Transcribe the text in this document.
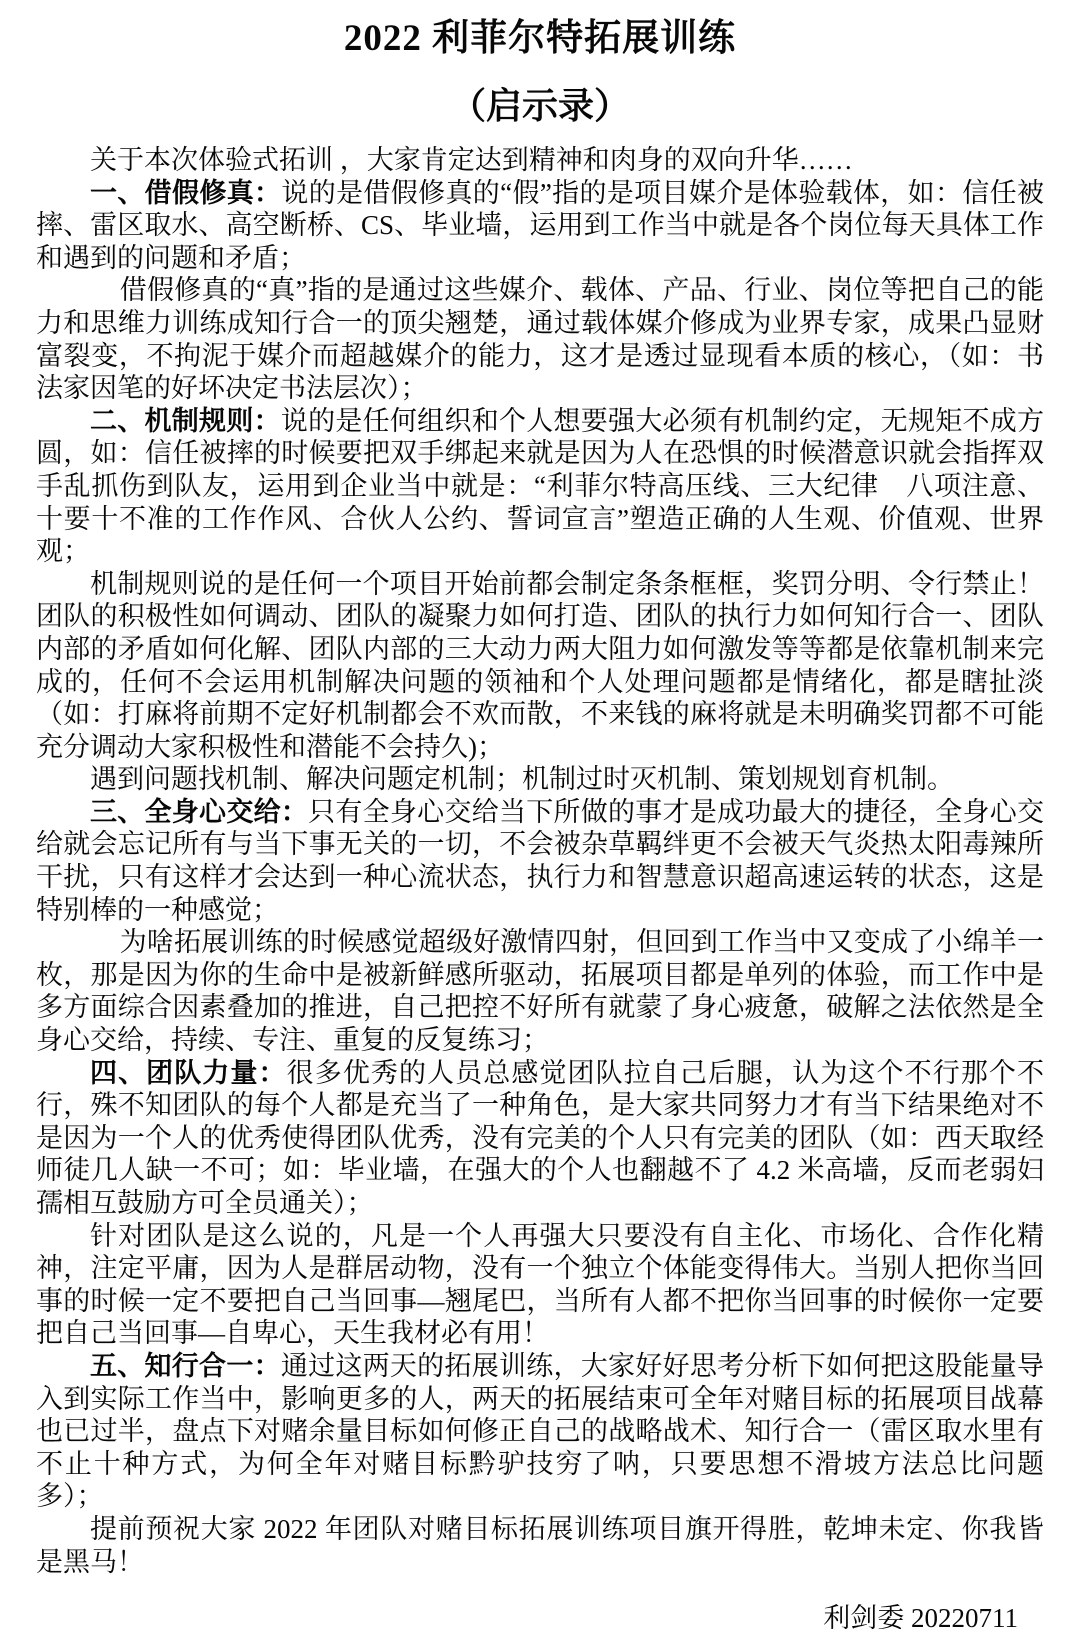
2022 利菲尔特拓展训练
（启示录）

关于本次体验式拓训 ，大家肯定达到精神和肉身的双向升华……

一、借假修真：说的是借假修真的“假”指的是项目媒介是体验载体，如：信任被摔、雷区取水、高空断桥、CS、毕业墙，运用到工作当中就是各个岗位每天具体工作和遇到的问题和矛盾；

借假修真的“真”指的是通过这些媒介、载体、产品、行业、岗位等把自己的能力和思维力训练成知行合一的顶尖翘楚，通过载体媒介修成为业界专家，成果凸显财富裂变，不拘泥于媒介而超越媒介的能力，这才是透过显现看本质的核心，（如：书法家因笔的好坏决定书法层次）；

二、机制规则：说的是任何组织和个人想要强大必须有机制约定，无规矩不成方圆，如：信任被摔的时候要把双手绑起来就是因为人在恐惧的时候潜意识就会指挥双手乱抓伤到队友，运用到企业当中就是：“利菲尔特高压线、三大纪律　八项注意、十要十不准的工作作风、合伙人公约、誓词宣言”塑造正确的人生观、价值观、世界观；

机制规则说的是任何一个项目开始前都会制定条条框框，奖罚分明、令行禁止！团队的积极性如何调动、团队的凝聚力如何打造、团队的执行力如何知行合一、团队内部的矛盾如何化解、团队内部的三大动力两大阻力如何激发等等都是依靠机制来完成的，任何不会运用机制解决问题的领袖和个人处理问题都是情绪化，都是瞎扯淡（如：打麻将前期不定好机制都会不欢而散，不来钱的麻将就是未明确奖罚都不可能充分调动大家积极性和潜能不会持久)；

遇到问题找机制、解决问题定机制；机制过时灭机制、策划规划育机制。

三、全身心交给：只有全身心交给当下所做的事才是成功最大的捷径，全身心交给就会忘记所有与当下事无关的一切，不会被杂草羁绊更不会被天气炎热太阳毒辣所干扰，只有这样才会达到一种心流状态，执行力和智慧意识超高速运转的状态，这是特别棒的一种感觉；

为啥拓展训练的时候感觉超级好激情四射，但回到工作当中又变成了小绵羊一枚，那是因为你的生命中是被新鲜感所驱动，拓展项目都是单列的体验，而工作中是多方面综合因素叠加的推进，自己把控不好所有就蒙了身心疲惫，破解之法依然是全身心交给，持续、专注、重复的反复练习；

四、团队力量：很多优秀的人员总感觉团队拉自己后腿，认为这个不行那个不行，殊不知团队的每个人都是充当了一种角色，是大家共同努力才有当下结果绝对不是因为一个人的优秀使得团队优秀，没有完美的个人只有完美的团队（如：西天取经师徒几人缺一不可；如：毕业墙，在强大的个人也翻越不了 4.2 米高墙，反而老弱妇孺相互鼓励方可全员通关）；

针对团队是这么说的，凡是一个人再强大只要没有自主化、市场化、合作化精神，注定平庸，因为人是群居动物，没有一个独立个体能变得伟大。当别人把你当回事的时候一定不要把自己当回事—翘尾巴，当所有人都不把你当回事的时候你一定要把自己当回事—自卑心，天生我材必有用！

五、知行合一：通过这两天的拓展训练，大家好好思考分析下如何把这股能量导入到实际工作当中，影响更多的人，两天的拓展结束可全年对赌目标的拓展项目战幕也已过半，盘点下对赌余量目标如何修正自己的战略战术、知行合一（雷区取水里有不止十种方式，为何全年对赌目标黔驴技穷了呐，只要思想不滑坡方法总比问题多）；

提前预祝大家 2022 年团队对赌目标拓展训练项目旗开得胜，乾坤未定、你我皆是黑马！

利剑委 20220711
